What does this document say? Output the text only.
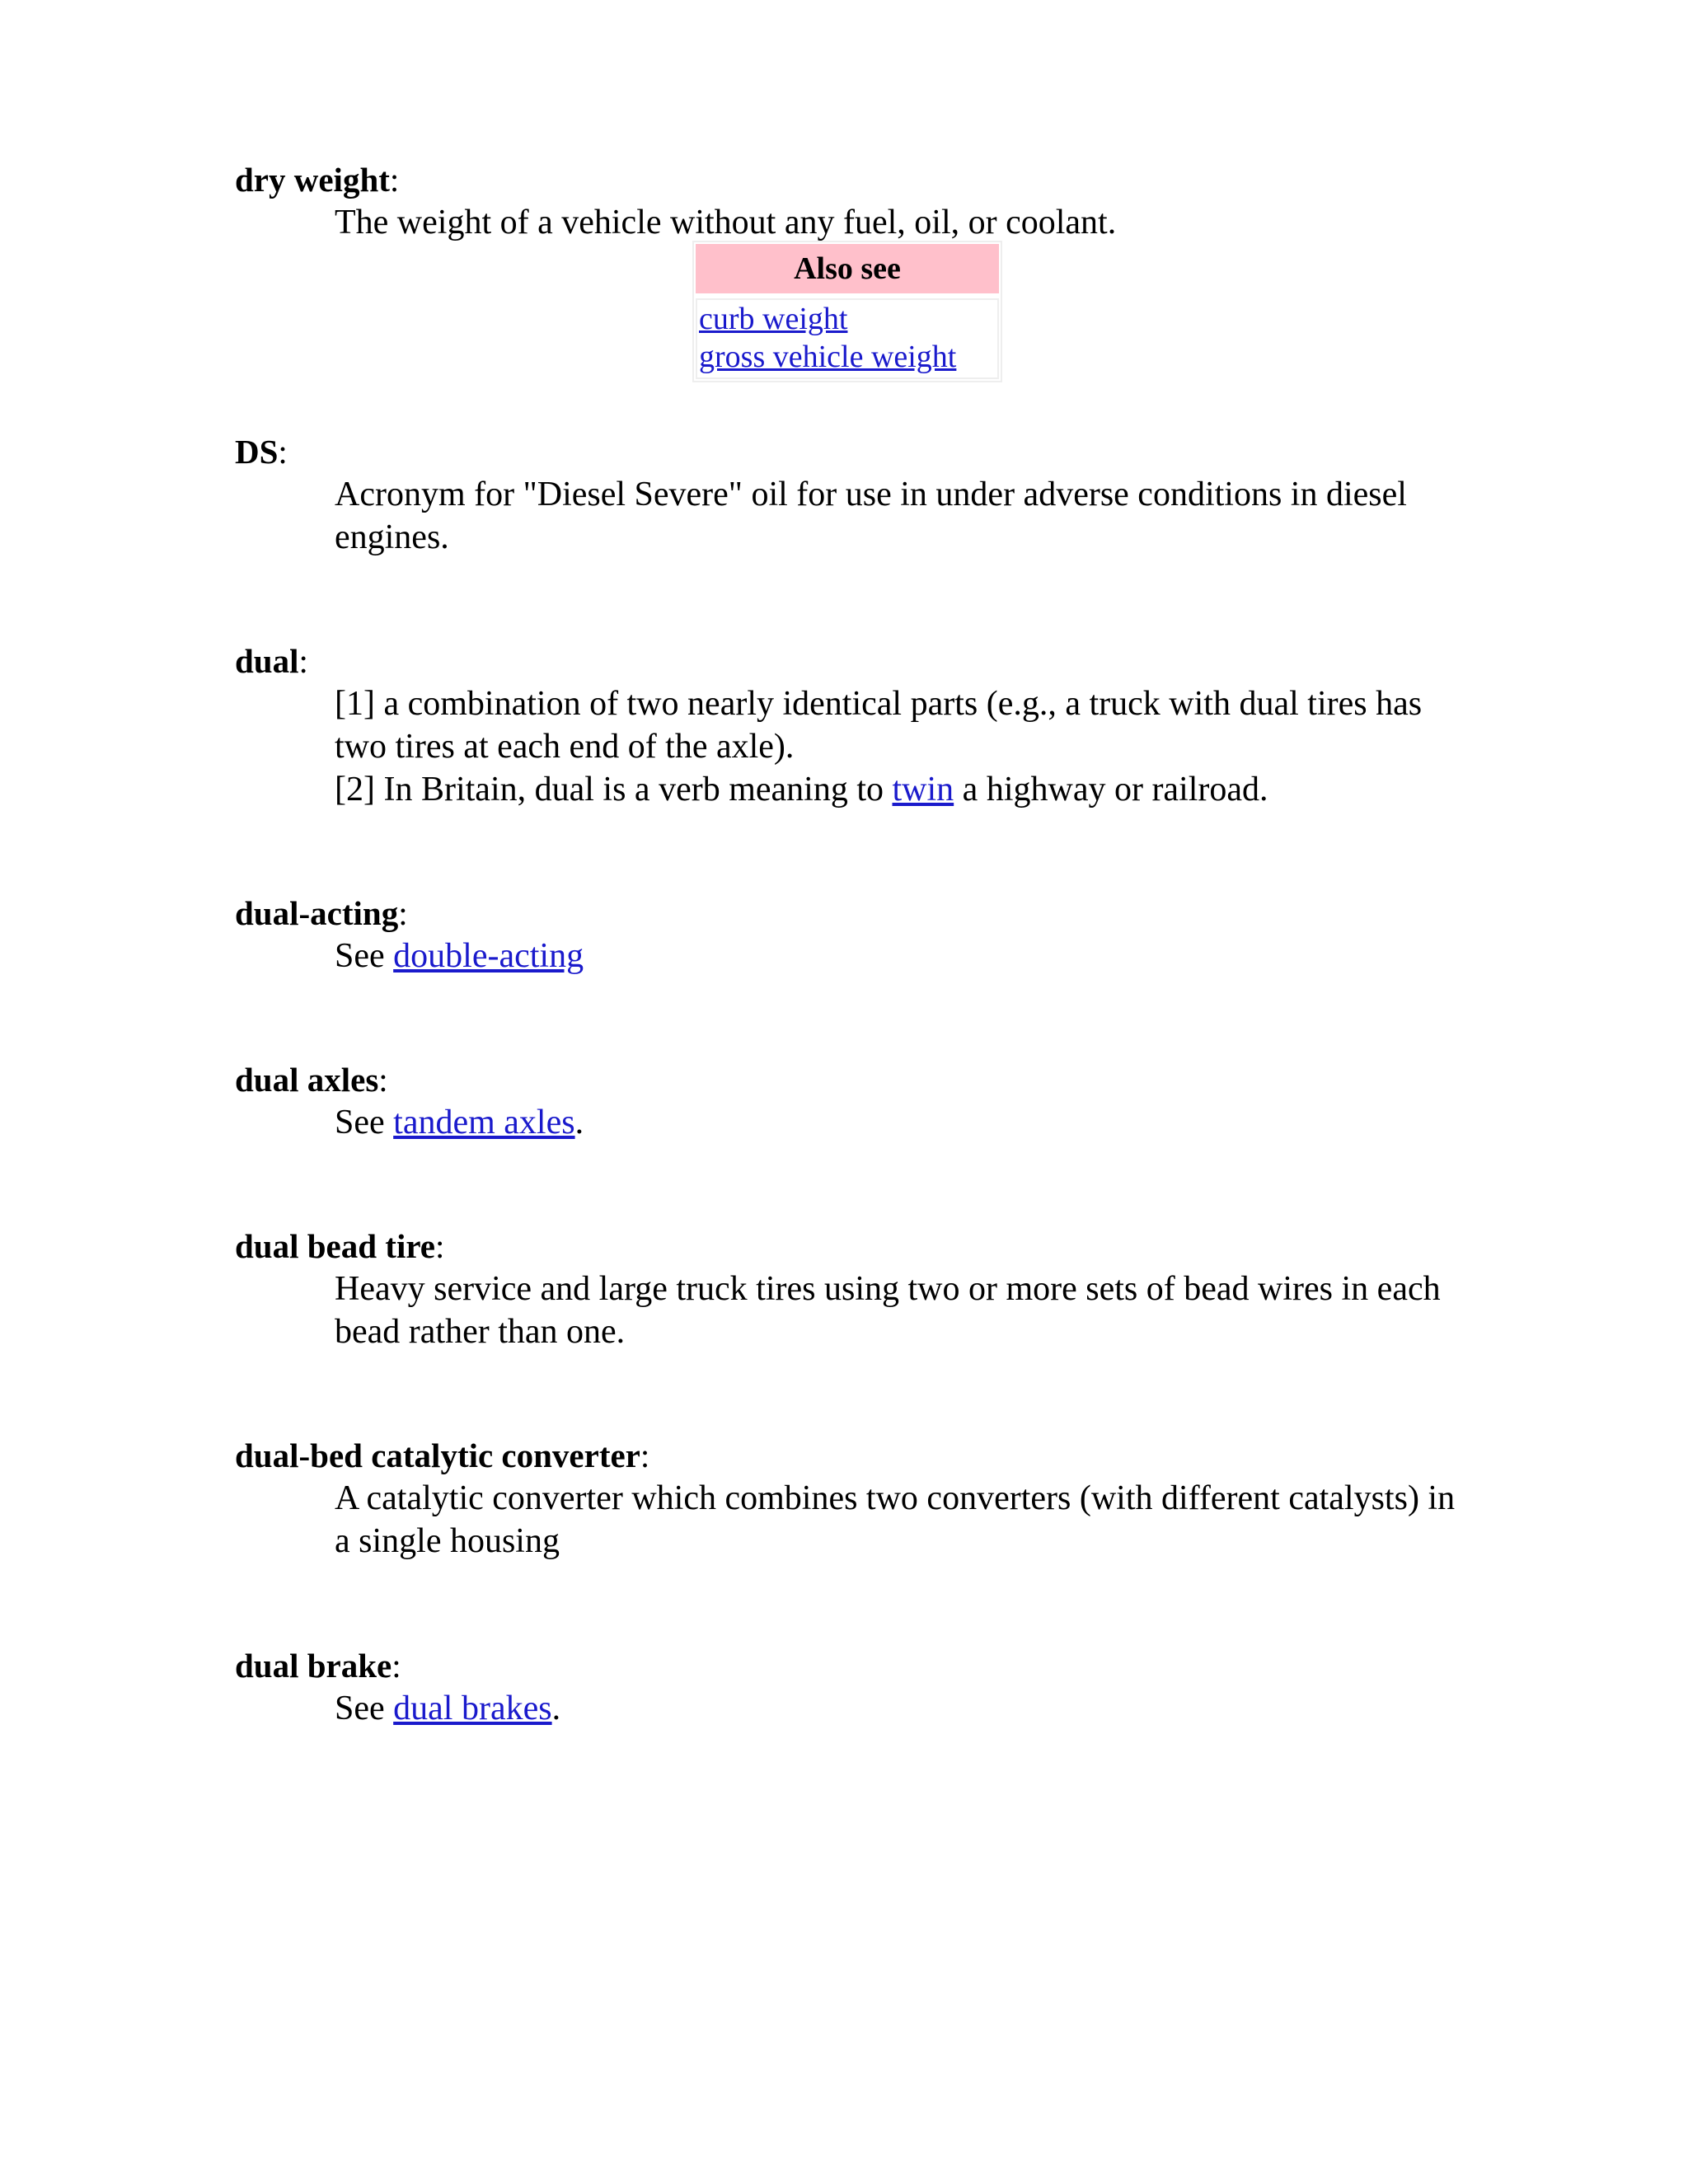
dry weight:
The weight of a vehicle without any fuel, oil, or coolant.
Also see
curb weight
gross vehicle weight
DS:
Acronym for "Diesel Severe" oil for use in under adverse conditions in diesel engines.
dual:
[1] a combination of two nearly identical parts (e.g., a truck with dual tires has two tires at each end of the axle).
[2] In Britain, dual is a verb meaning to twin a highway or railroad.
dual-acting:
See double-acting
dual axles:
See tandem axles.
dual bead tire:
Heavy service and large truck tires using two or more sets of bead wires in each bead rather than one.
dual-bed catalytic converter:
A catalytic converter which combines two converters (with different catalysts) in a single housing
dual brake:
See dual brakes.
